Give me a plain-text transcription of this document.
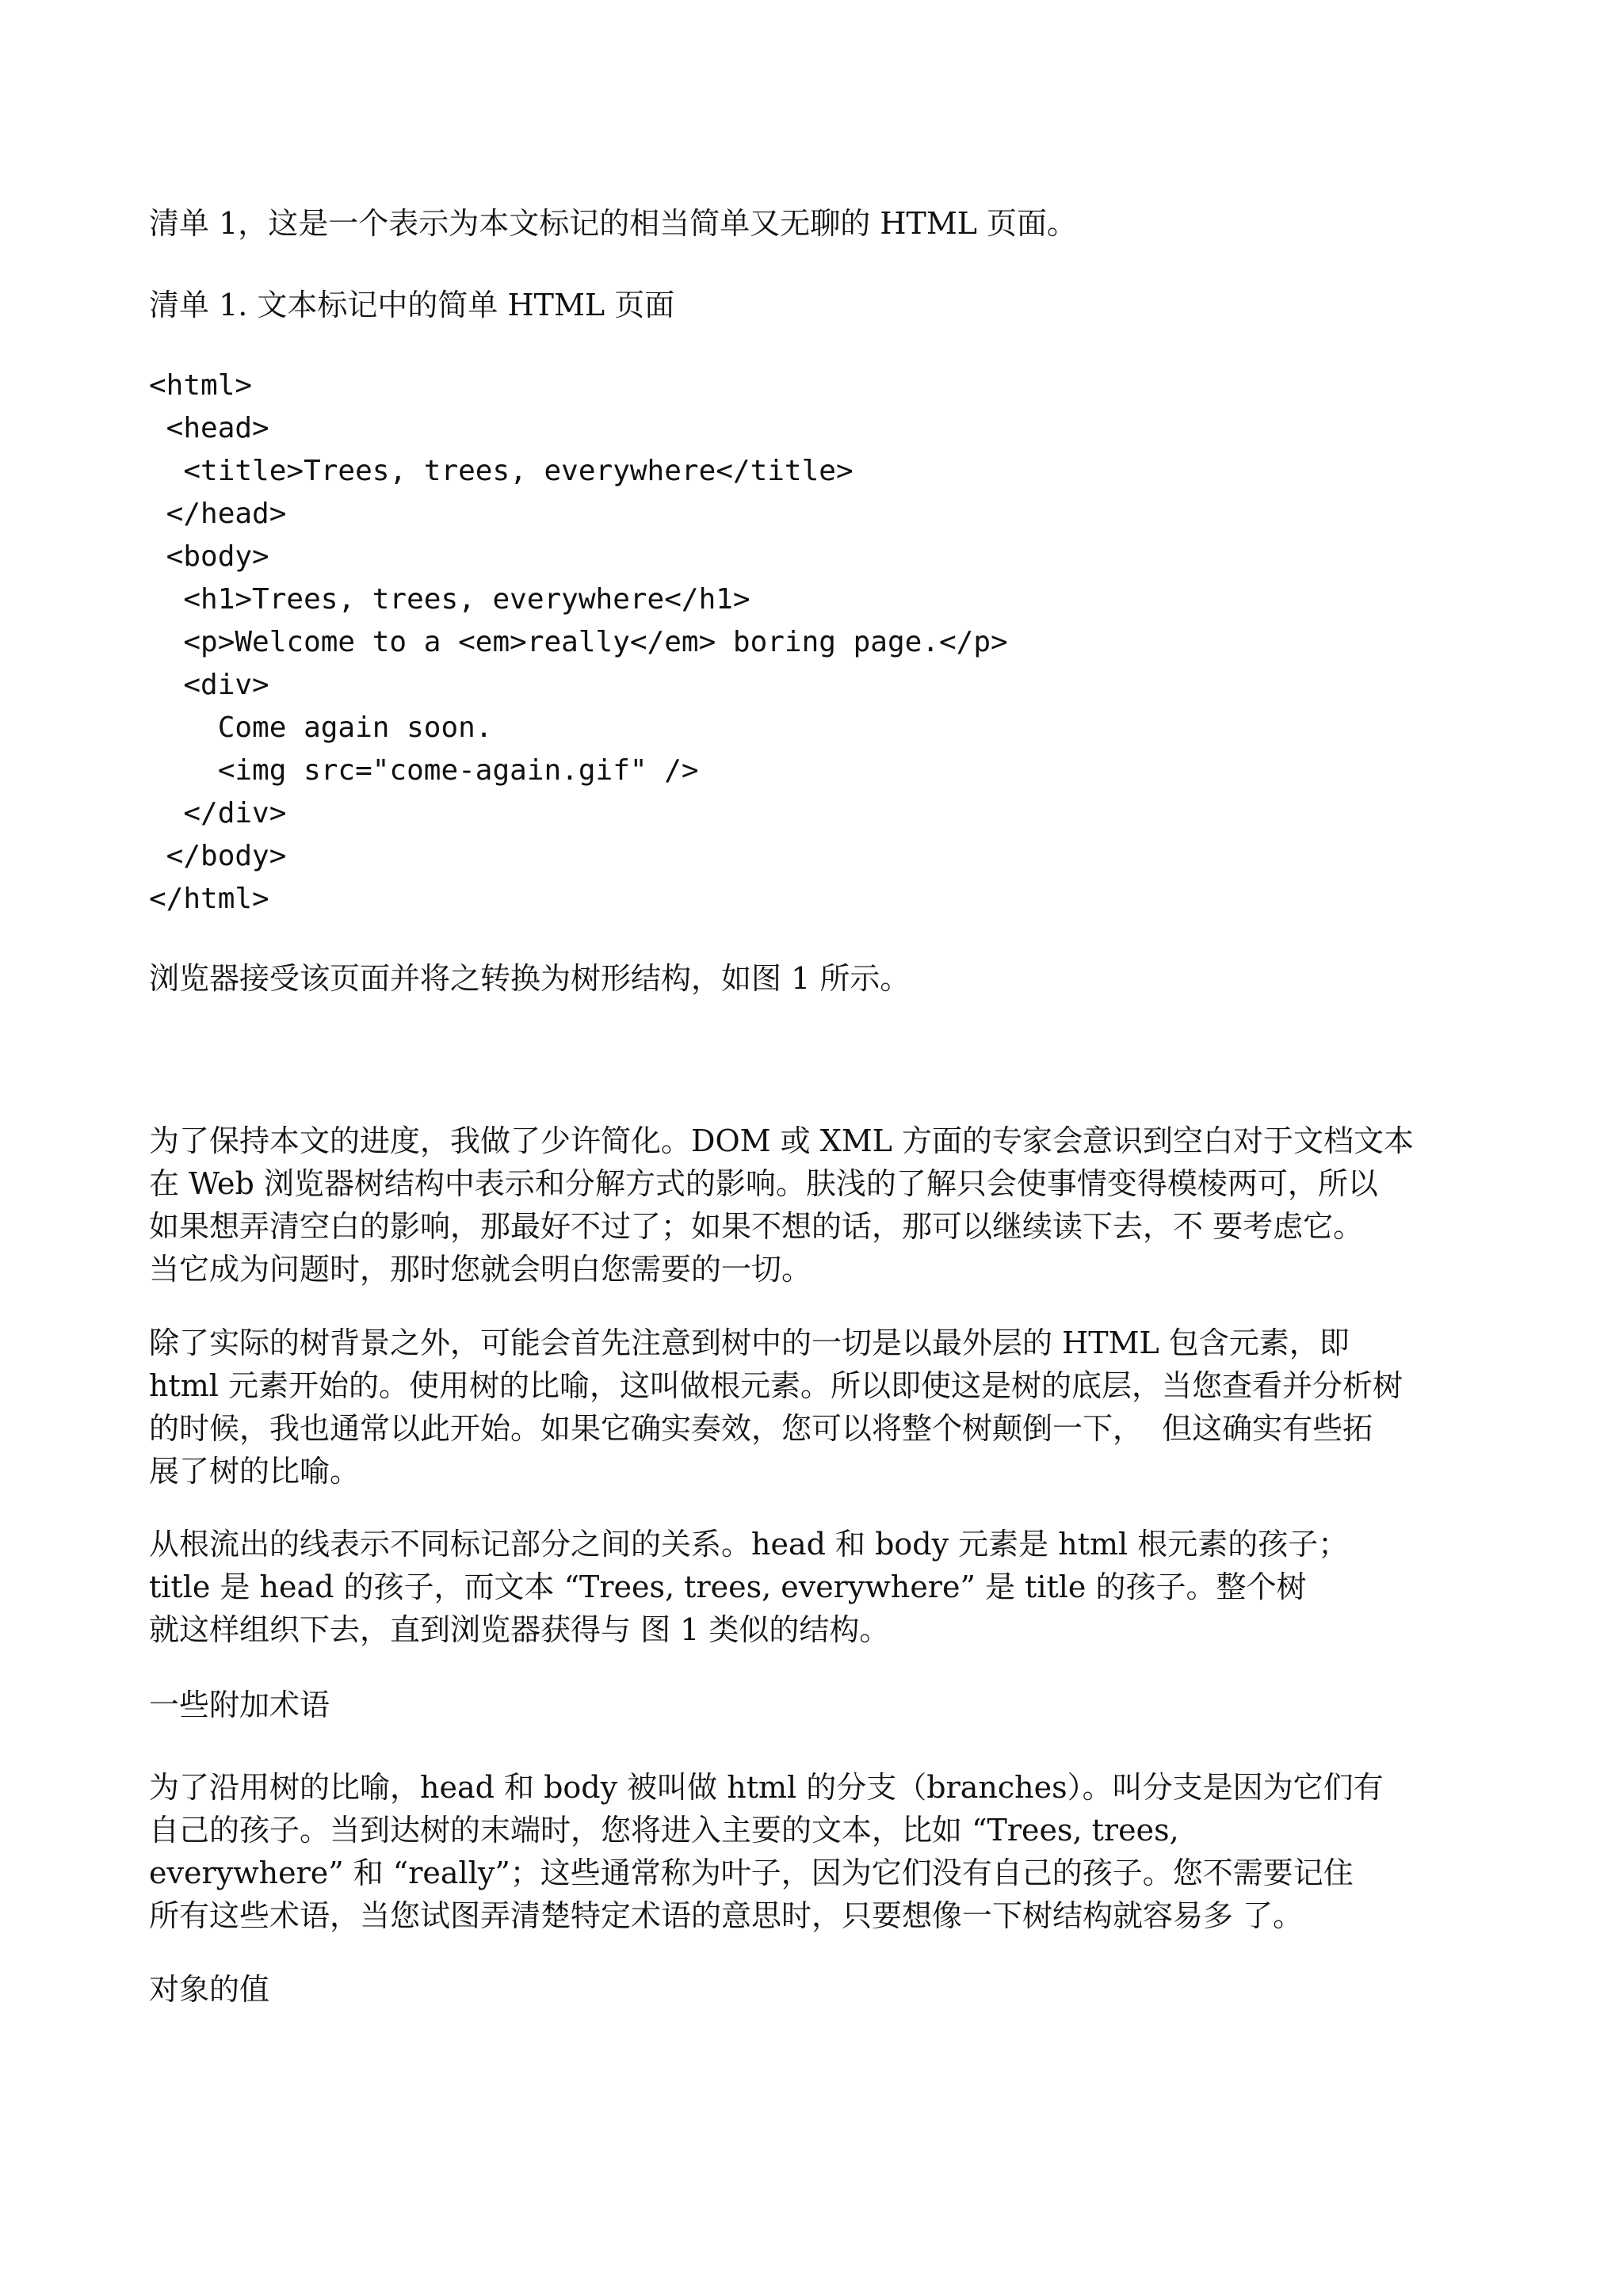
清单 1，这是一个表示为本文标记的相当简单又无聊的 HTML 页面。

清单 1. 文本标记中的简单 HTML 页面

<html>
<head>
<title>Trees, trees, everywhere</title>
</head>
<body>
<h1>Trees, trees, everywhere</h1>
<p>Welcome to a <em>really</em> boring page.</p>
<div>
Come again soon.
<img src="come-again.gif" />
</div>
</body>
</html>

浏览器接受该页面并将之转换为树形结构，如图 1 所示。

为了保持本文的进度，我做了少许简化。DOM 或 XML 方面的专家会意识到空白对于文档文本
在 Web 浏览器树结构中表示和分解方式的影响。肤浅的了解只会使事情变得模棱两可，所以
如果想弄清空白的影响，那最好不过了；如果不想的话，那可以继续读下去，不 要考虑它。
当它成为问题时，那时您就会明白您需要的一切。
除了实际的树背景之外，可能会首先注意到树中的一切是以最外层的 HTML 包含元素，即
html 元素开始的。使用树的比喻，这叫做根元素。所以即使这是树的底层，当您查看并分析树
的时候，我也通常以此开始。如果它确实奏效，您可以将整个树颠倒一下，  但这确实有些拓
展了树的比喻。
从根流出的线表示不同标记部分之间的关系。head 和 body 元素是 html 根元素的孩子；
title 是 head 的孩子，而文本 “Trees, trees, everywhere” 是 title 的孩子。整个树
就这样组织下去，直到浏览器获得与 图 1 类似的结构。

一些附加术语

为了沿用树的比喻，head 和 body 被叫做 html 的分支（branches）。叫分支是因为它们有
自己的孩子。当到达树的末端时，您将进入主要的文本，比如 “Trees, trees,
everywhere” 和 “really”；这些通常称为叶子，因为它们没有自己的孩子。您不需要记住
所有这些术语，当您试图弄清楚特定术语的意思时，只要想像一下树结构就容易多 了。

对象的值
